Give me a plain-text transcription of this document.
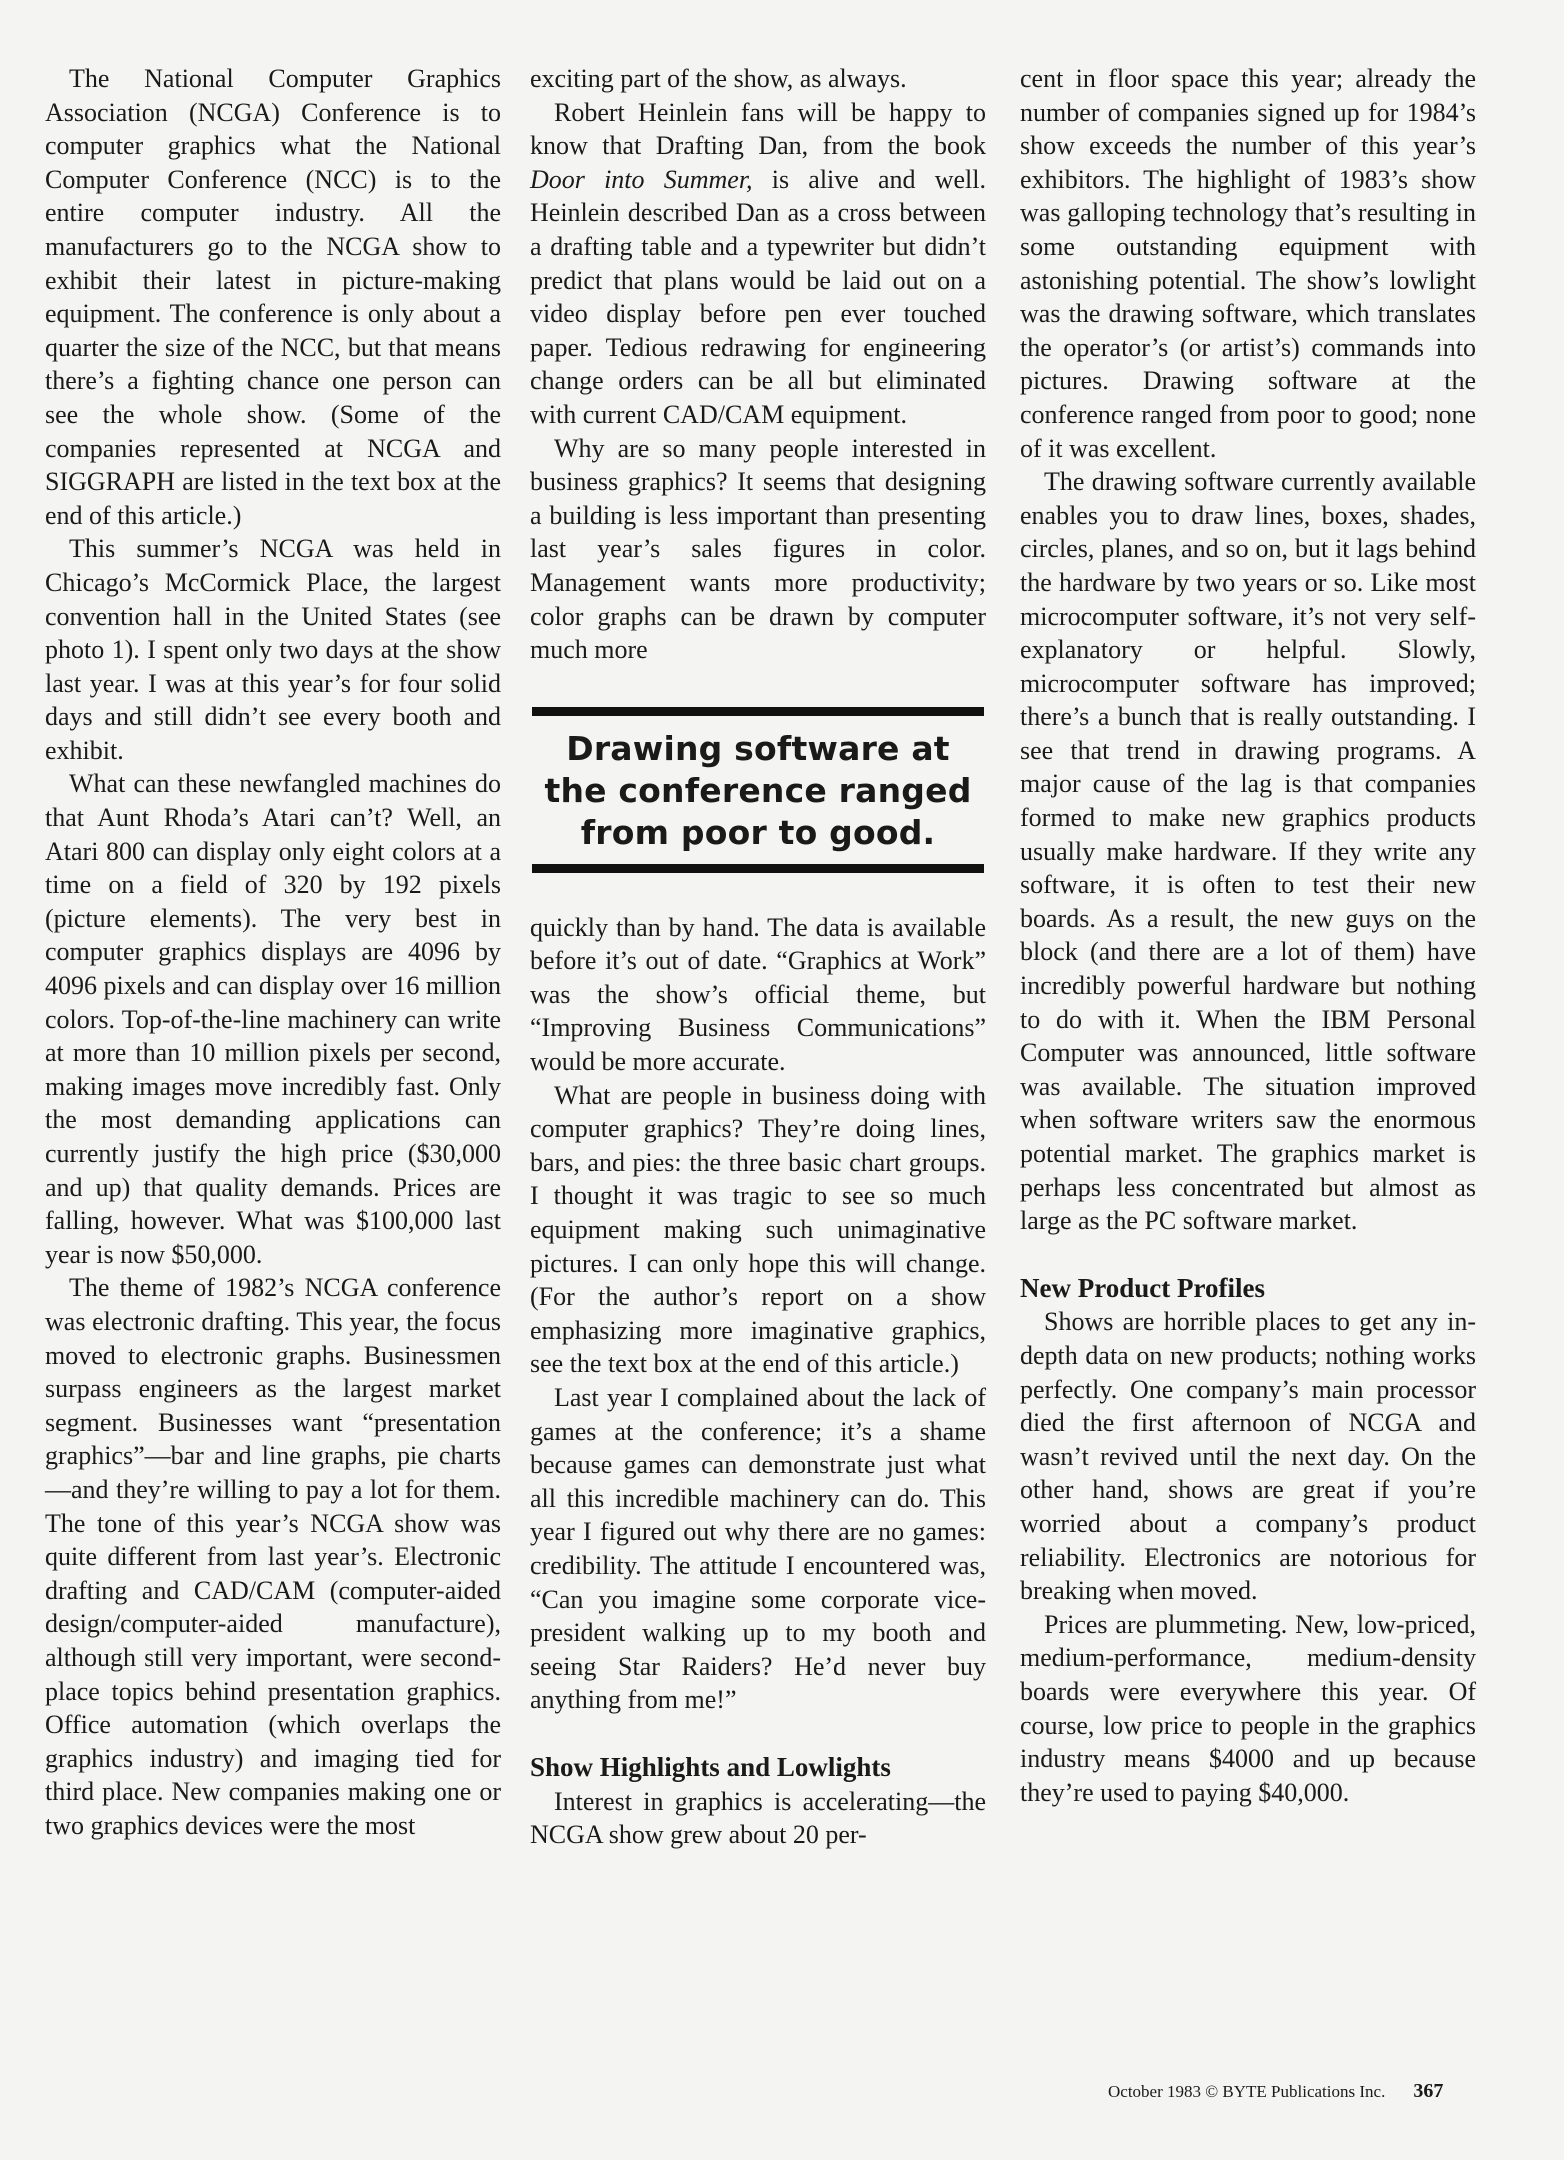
The National Computer Graphics Association (NCGA) Conference is to computer graphics what the National Computer Conference (NCC) is to the entire computer industry. All the manufacturers go to the NCGA show to exhibit their latest in picture-making equipment. The conference is only about a quarter the size of the NCC, but that means there’s a fighting chance one person can see the whole show. (Some of the companies represented at NCGA and SIGGRAPH are listed in the text box at the end of this article.)

This summer’s NCGA was held in Chicago’s McCormick Place, the largest convention hall in the United States (see photo 1). I spent only two days at the show last year. I was at this year’s for four solid days and still didn’t see every booth and exhibit.

What can these newfangled machines do that Aunt Rhoda’s Atari can’t? Well, an Atari 800 can display only eight colors at a time on a field of 320 by 192 pixels (picture elements). The very best in computer graphics displays are 4096 by 4096 pixels and can display over 16 million colors. Top-of-the-line machinery can write at more than 10 million pixels per second, making images move incredibly fast. Only the most demanding applications can currently justify the high price ($30,000 and up) that quality demands. Prices are falling, however. What was $100,000 last year is now $50,000.

The theme of 1982’s NCGA conference was electronic drafting. This year, the focus moved to electronic graphs. Businessmen surpass engineers as the largest market segment. Businesses want “presentation graphics”—bar and line graphs, pie charts—and they’re willing to pay a lot for them. The tone of this year’s NCGA show was quite different from last year’s. Electronic drafting and CAD/CAM (computer-aided design/computer-aided manufacture), although still very important, were second-place topics behind presentation graphics. Office automation (which overlaps the graphics industry) and imaging tied for third place. New companies making one or two graphics devices were the most

exciting part of the show, as always.

Robert Heinlein fans will be happy to know that Drafting Dan, from the book Door into Summer, is alive and well. Heinlein described Dan as a cross between a drafting table and a typewriter but didn’t predict that plans would be laid out on a video display before pen ever touched paper. Tedious redrawing for engineering change orders can be all but eliminated with current CAD/CAM equipment.

Why are so many people interested in business graphics? It seems that designing a building is less important than presenting last year’s sales figures in color. Management wants more productivity; color graphs can be drawn by computer much more

Drawing software at
the conference ranged
from poor to good.

quickly than by hand. The data is available before it’s out of date. “Graphics at Work” was the show’s official theme, but “Improving Business Communications” would be more accurate.

What are people in business doing with computer graphics? They’re doing lines, bars, and pies: the three basic chart groups. I thought it was tragic to see so much equipment making such unimaginative pictures. I can only hope this will change. (For the author’s report on a show emphasizing more imaginative graphics, see the text box at the end of this article.)

Last year I complained about the lack of games at the conference; it’s a shame because games can demonstrate just what all this incredible machinery can do. This year I figured out why there are no games: credibility. The attitude I encountered was, “Can you imagine some corporate vice-president walking up to my booth and seeing Star Raiders? He’d never buy anything from me!”

Show Highlights and Lowlights

Interest in graphics is accelerating—the NCGA show grew about 20 per-

cent in floor space this year; already the number of companies signed up for 1984’s show exceeds the number of this year’s exhibitors. The highlight of 1983’s show was galloping technology that’s resulting in some outstanding equipment with astonishing potential. The show’s lowlight was the drawing software, which translates the operator’s (or artist’s) commands into pictures. Drawing software at the conference ranged from poor to good; none of it was excellent.

The drawing software currently available enables you to draw lines, boxes, shades, circles, planes, and so on, but it lags behind the hardware by two years or so. Like most microcomputer software, it’s not very self-explanatory or helpful. Slowly, microcomputer software has improved; there’s a bunch that is really outstanding. I see that trend in drawing programs. A major cause of the lag is that companies formed to make new graphics products usually make hardware. If they write any software, it is often to test their new boards. As a result, the new guys on the block (and there are a lot of them) have incredibly powerful hardware but nothing to do with it. When the IBM Personal Computer was announced, little software was available. The situation improved when software writers saw the enormous potential market. The graphics market is perhaps less concentrated but almost as large as the PC software market.

New Product Profiles

Shows are horrible places to get any in-depth data on new products; nothing works perfectly. One company’s main processor died the first afternoon of NCGA and wasn’t revived until the next day. On the other hand, shows are great if you’re worried about a company’s product reliability. Electronics are notorious for breaking when moved.

Prices are plummeting. New, low-priced, medium-performance, medium-density boards were everywhere this year. Of course, low price to people in the graphics industry means $4000 and up because they’re used to paying $40,000.

October 1983 © BYTE Publications Inc. 367
